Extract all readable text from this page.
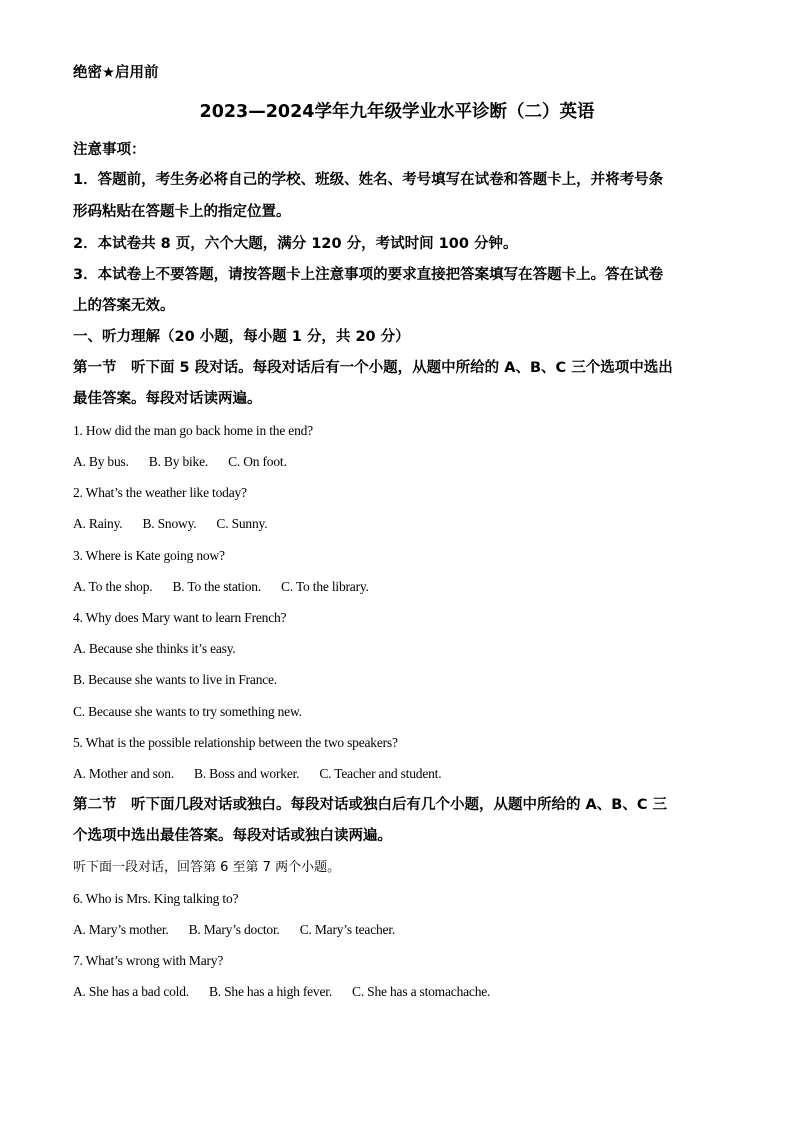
绝密★启用前
2023—2024学年九年级学业水平诊断（二）英语
注意事项：
1．答题前，考生务必将自己的学校、班级、姓名、考号填写在试卷和答题卡上，并将考号条
形码粘贴在答题卡上的指定位置。
2．本试卷共 8 页，六个大题，满分 120 分，考试时间 100 分钟。
3．本试卷上不要答题，请按答题卡上注意事项的要求直接把答案填写在答题卡上。答在试卷
上的答案无效。
一、听力理解（20 小题，每小题 1 分，共 20 分）
第一节　听下面 5 段对话。每段对话后有一个小题，从题中所给的 A、B、C 三个选项中选出
最佳答案。每段对话读两遍。
1. How did the man go back home in the end?
A. By bus. B. By bike. C. On foot.
2. What’s the weather like today?
A. Rainy. B. Snowy. C. Sunny.
3. Where is Kate going now?
A. To the shop. B. To the station. C. To the library.
4. Why does Mary want to learn French?
A. Because she thinks it’s easy.
B. Because she wants to live in France.
C. Because she wants to try something new.
5. What is the possible relationship between the two speakers?
A. Mother and son. B. Boss and worker. C. Teacher and student.
第二节　听下面几段对话或独白。每段对话或独白后有几个小题，从题中所给的 A、B、C 三
个选项中选出最佳答案。每段对话或独白读两遍。
听下面一段对话，回答第 6 至第 7 两个小题。
6. Who is Mrs. King talking to?
A. Mary’s mother. B. Mary’s doctor. C. Mary’s teacher.
7. What’s wrong with Mary?
A. She has a bad cold. B. She has a high fever. C. She has a stomachache.
